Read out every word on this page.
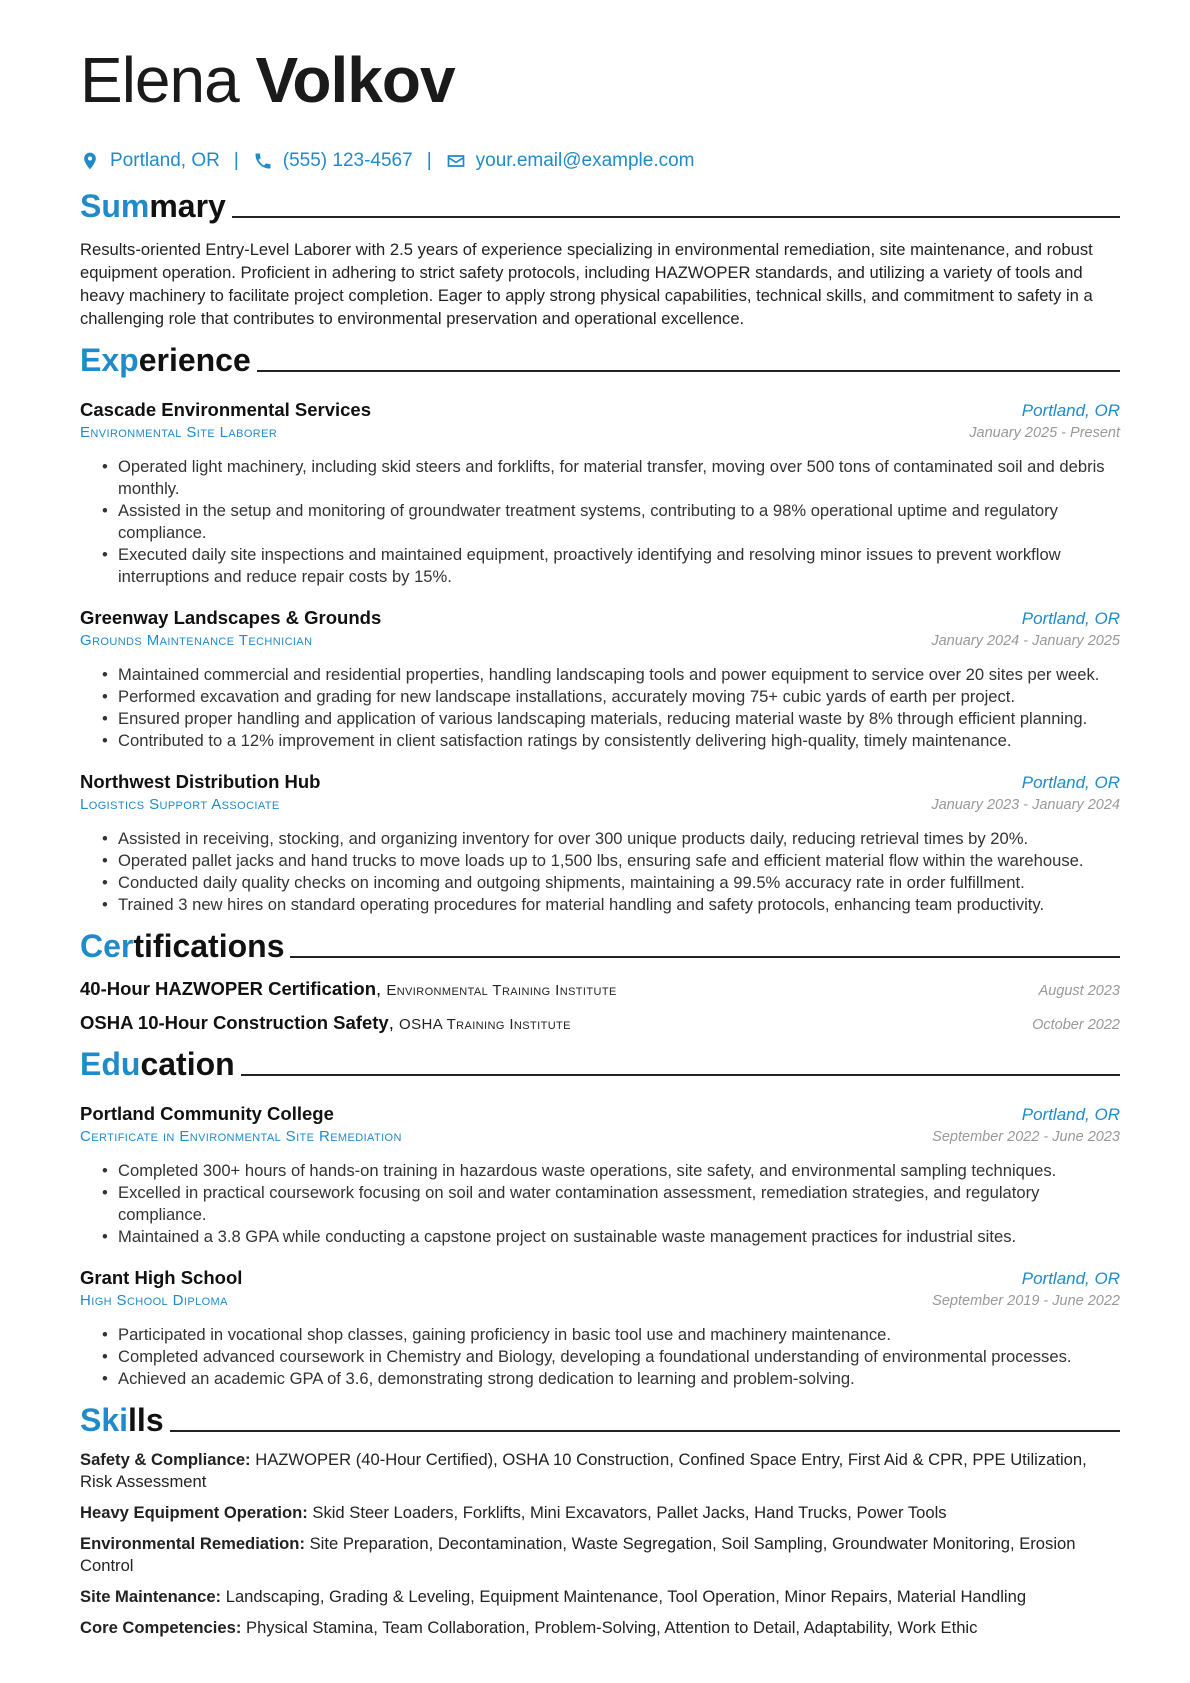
Elena Volkov
Portland, OR | (555) 123-4567 | your.email@example.com
Summary
Results-oriented Entry-Level Laborer with 2.5 years of experience specializing in environmental remediation, site maintenance, and robust equipment operation. Proficient in adhering to strict safety protocols, including HAZWOPER standards, and utilizing a variety of tools and heavy machinery to facilitate project completion. Eager to apply strong physical capabilities, technical skills, and commitment to safety in a challenging role that contributes to environmental preservation and operational excellence.
Experience
Cascade Environmental Services	Portland, OR
Environmental Site Laborer	January 2025 - Present
• Operated light machinery, including skid steers and forklifts, for material transfer, moving over 500 tons of contaminated soil and debris monthly.
• Assisted in the setup and monitoring of groundwater treatment systems, contributing to a 98% operational uptime and regulatory compliance.
• Executed daily site inspections and maintained equipment, proactively identifying and resolving minor issues to prevent workflow interruptions and reduce repair costs by 15%.
Greenway Landscapes & Grounds	Portland, OR
Grounds Maintenance Technician	January 2024 - January 2025
• Maintained commercial and residential properties, handling landscaping tools and power equipment to service over 20 sites per week.
• Performed excavation and grading for new landscape installations, accurately moving 75+ cubic yards of earth per project.
• Ensured proper handling and application of various landscaping materials, reducing material waste by 8% through efficient planning.
• Contributed to a 12% improvement in client satisfaction ratings by consistently delivering high-quality, timely maintenance.
Northwest Distribution Hub	Portland, OR
Logistics Support Associate	January 2023 - January 2024
• Assisted in receiving, stocking, and organizing inventory for over 300 unique products daily, reducing retrieval times by 20%.
• Operated pallet jacks and hand trucks to move loads up to 1,500 lbs, ensuring safe and efficient material flow within the warehouse.
• Conducted daily quality checks on incoming and outgoing shipments, maintaining a 99.5% accuracy rate in order fulfillment.
• Trained 3 new hires on standard operating procedures for material handling and safety protocols, enhancing team productivity.
Certifications
40-Hour HAZWOPER Certification, Environmental Training Institute	August 2023
OSHA 10-Hour Construction Safety, OSHA Training Institute	October 2022
Education
Portland Community College	Portland, OR
Certificate in Environmental Site Remediation	September 2022 - June 2023
• Completed 300+ hours of hands-on training in hazardous waste operations, site safety, and environmental sampling techniques.
• Excelled in practical coursework focusing on soil and water contamination assessment, remediation strategies, and regulatory compliance.
• Maintained a 3.8 GPA while conducting a capstone project on sustainable waste management practices for industrial sites.
Grant High School	Portland, OR
High School Diploma	September 2019 - June 2022
• Participated in vocational shop classes, gaining proficiency in basic tool use and machinery maintenance.
• Completed advanced coursework in Chemistry and Biology, developing a foundational understanding of environmental processes.
• Achieved an academic GPA of 3.6, demonstrating strong dedication to learning and problem-solving.
Skills
Safety & Compliance: HAZWOPER (40-Hour Certified), OSHA 10 Construction, Confined Space Entry, First Aid & CPR, PPE Utilization, Risk Assessment
Heavy Equipment Operation: Skid Steer Loaders, Forklifts, Mini Excavators, Pallet Jacks, Hand Trucks, Power Tools
Environmental Remediation: Site Preparation, Decontamination, Waste Segregation, Soil Sampling, Groundwater Monitoring, Erosion Control
Site Maintenance: Landscaping, Grading & Leveling, Equipment Maintenance, Tool Operation, Minor Repairs, Material Handling
Core Competencies: Physical Stamina, Team Collaboration, Problem-Solving, Attention to Detail, Adaptability, Work Ethic
